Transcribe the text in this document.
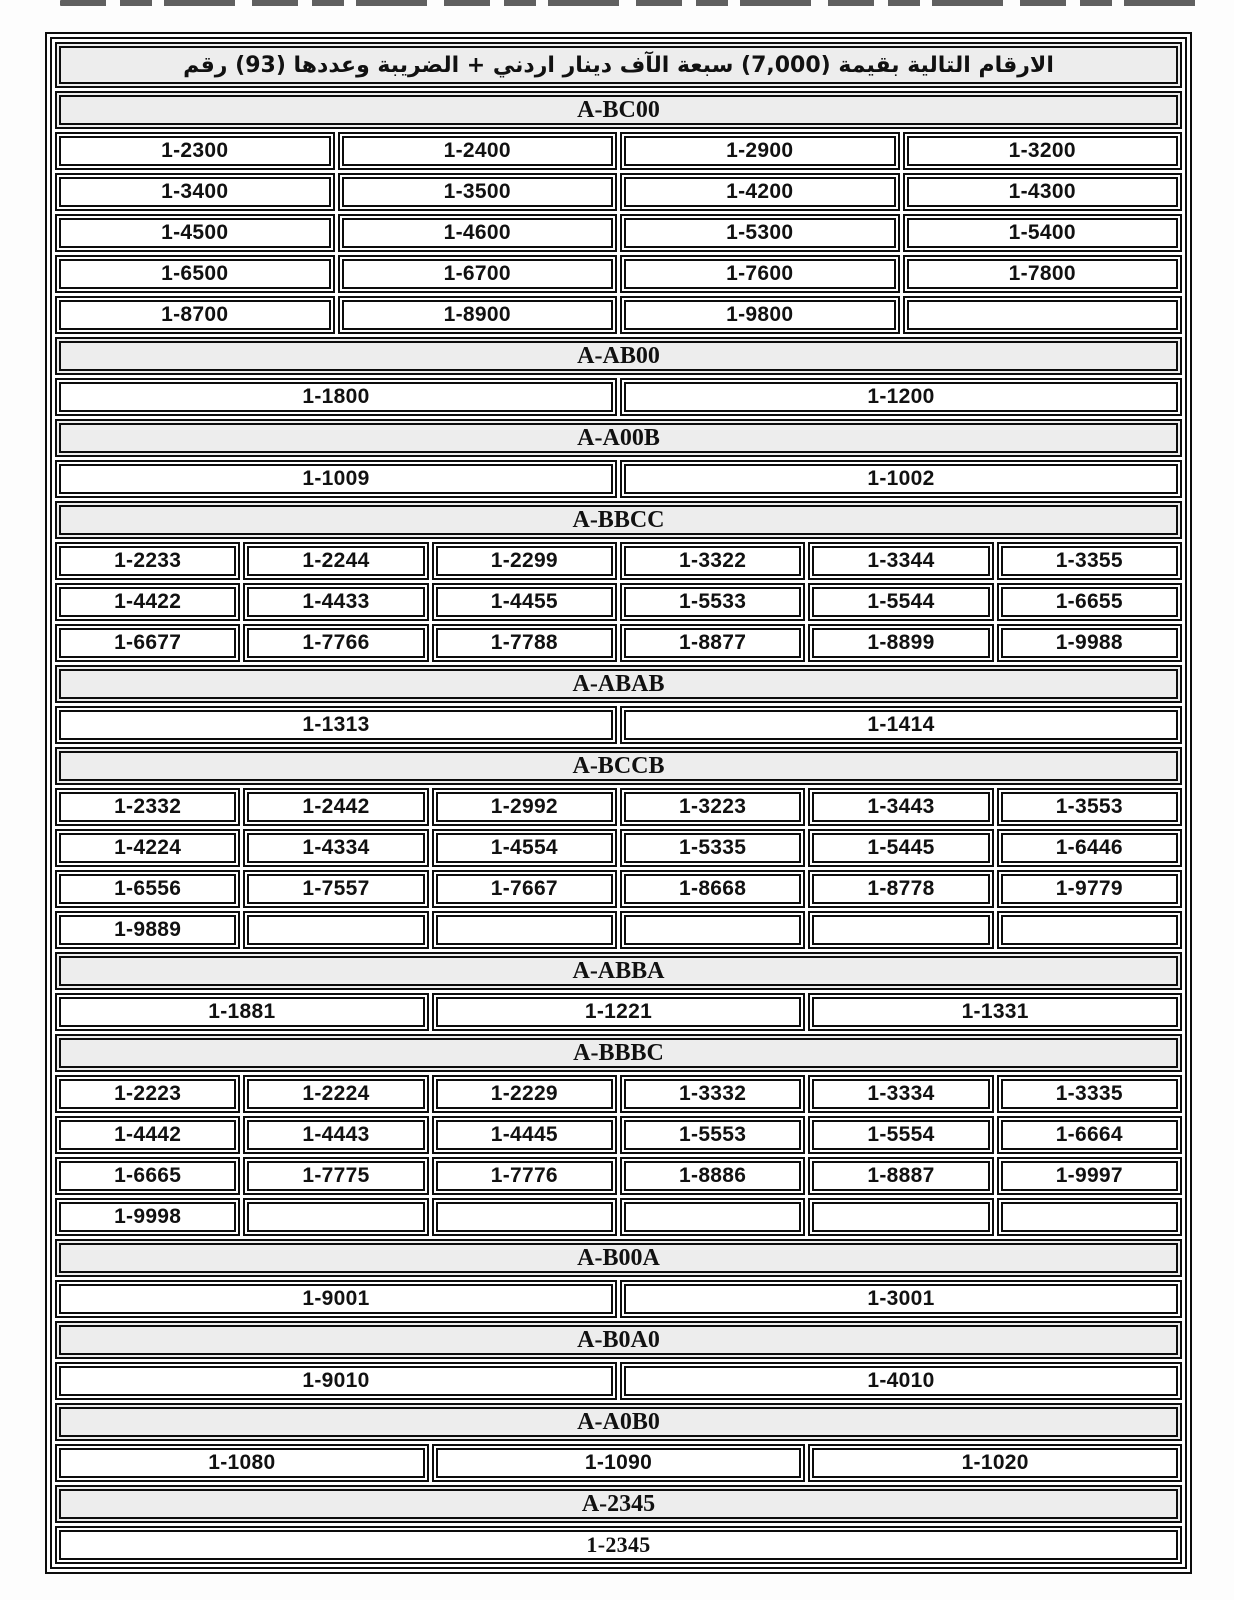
الارقام التالية بقيمة (7,000) سبعة الآف دينار اردني + الضريبة وعددها (93) رقم
A-BC00
1-2300	1-2400	1-2900	1-3200
1-3400	1-3500	1-4200	1-4300
1-4500	1-4600	1-5300	1-5400
1-6500	1-6700	1-7600	1-7800
1-8700	1-8900	1-9800
A-AB00
1-1800	1-1200
A-A00B
1-1009	1-1002
A-BBCC
1-2233	1-2244	1-2299	1-3322	1-3344	1-3355
1-4422	1-4433	1-4455	1-5533	1-5544	1-6655
1-6677	1-7766	1-7788	1-8877	1-8899	1-9988
A-ABAB
1-1313	1-1414
A-BCCB
1-2332	1-2442	1-2992	1-3223	1-3443	1-3553
1-4224	1-4334	1-4554	1-5335	1-5445	1-6446
1-6556	1-7557	1-7667	1-8668	1-8778	1-9779
1-9889
A-ABBA
1-1881	1-1221	1-1331
A-BBBC
1-2223	1-2224	1-2229	1-3332	1-3334	1-3335
1-4442	1-4443	1-4445	1-5553	1-5554	1-6664
1-6665	1-7775	1-7776	1-8886	1-8887	1-9997
1-9998
A-B00A
1-9001	1-3001
A-B0A0
1-9010	1-4010
A-A0B0
1-1080	1-1090	1-1020
A-2345
1-2345
